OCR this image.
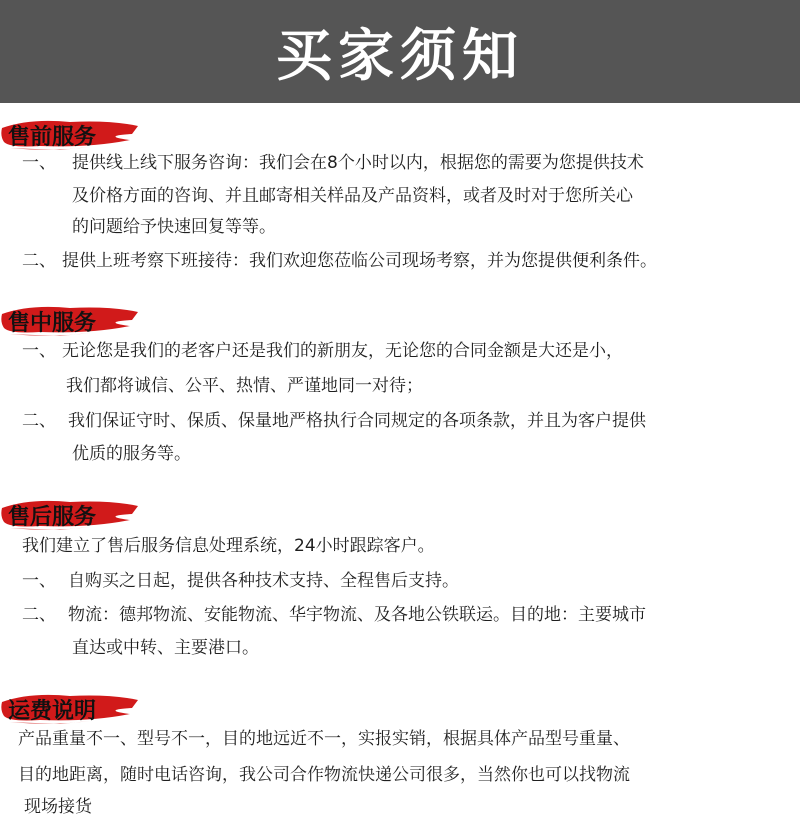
买家须知
售前服务
一、 提供线上线下服务咨询：我们会在8个小时以内，根据您的需要为您提供技术
及价格方面的咨询、并且邮寄相关样品及产品资料，或者及时对于您所关心
的问题给予快速回复等等。
二、 提供上班考察下班接待：我们欢迎您莅临公司现场考察，并为您提供便利条件。
售中服务
一、 无论您是我们的老客户还是我们的新朋友，无论您的合同金额是大还是小，
我们都将诚信、公平、热情、严谨地同一对待；
二、 我们保证守时、保质、保量地严格执行合同规定的各项条款，并且为客户提供
优质的服务等。
售后服务
我们建立了售后服务信息处理系统，24小时跟踪客户。
一、 自购买之日起，提供各种技术支持、全程售后支持。
二、 物流：德邦物流、安能物流、华宇物流、及各地公铁联运。目的地：主要城市
直达或中转、主要港口。
运费说明
产品重量不一、型号不一，目的地远近不一，实报实销，根据具体产品型号重量、
目的地距离，随时电话咨询，我公司合作物流快递公司很多，当然你也可以找物流
现场接货
